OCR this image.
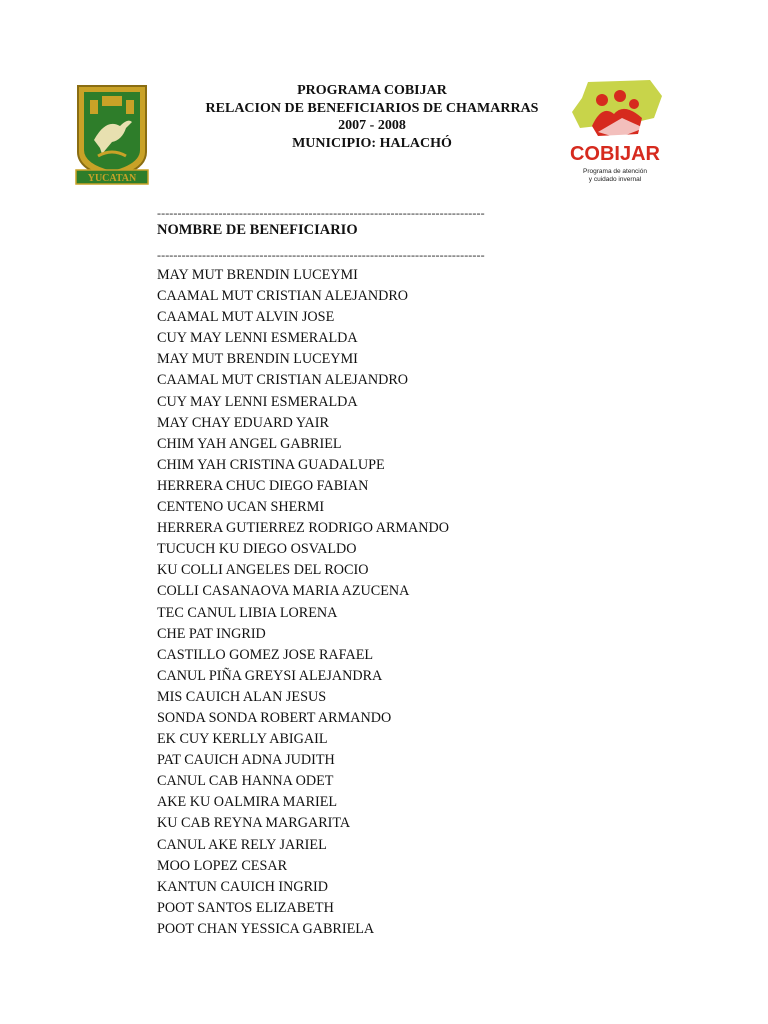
YUCATAN
PROGRAMA COBIJAR
RELACION DE BENEFICIARIOS DE CHAMARRAS
2007 - 2008
MUNICIPIO: HALACHÓ	COBIJAR
Programa de atención
y cuidado invernal
--------------------------------------------------------------------------------
NOMBRE DE BENEFICIARIO
--------------------------------------------------------------------------------
MAY MUT BRENDIN LUCEYMI
CAAMAL MUT CRISTIAN ALEJANDRO
CAAMAL MUT ALVIN JOSE
CUY MAY LENNI ESMERALDA
MAY MUT BRENDIN LUCEYMI
CAAMAL MUT CRISTIAN ALEJANDRO
CUY MAY LENNI ESMERALDA
MAY CHAY EDUARD YAIR
CHIM YAH ANGEL GABRIEL
CHIM YAH CRISTINA GUADALUPE
HERRERA CHUC DIEGO FABIAN
CENTENO UCAN SHERMI
HERRERA GUTIERREZ RODRIGO ARMANDO
TUCUCH KU DIEGO OSVALDO
KU COLLI ANGELES DEL ROCIO
COLLI CASANAOVA MARIA AZUCENA
TEC CANUL LIBIA LORENA
CHE PAT INGRID
CASTILLO GOMEZ JOSE RAFAEL
CANUL PIÑA GREYSI ALEJANDRA
MIS CAUICH ALAN JESUS
SONDA SONDA ROBERT ARMANDO
EK CUY KERLLY ABIGAIL
PAT CAUICH ADNA JUDITH
CANUL CAB HANNA ODET
AKE KU OALMIRA MARIEL
KU CAB REYNA MARGARITA
CANUL AKE RELY JARIEL
MOO LOPEZ CESAR
KANTUN CAUICH INGRID
POOT SANTOS ELIZABETH
POOT CHAN YESSICA GABRIELA
